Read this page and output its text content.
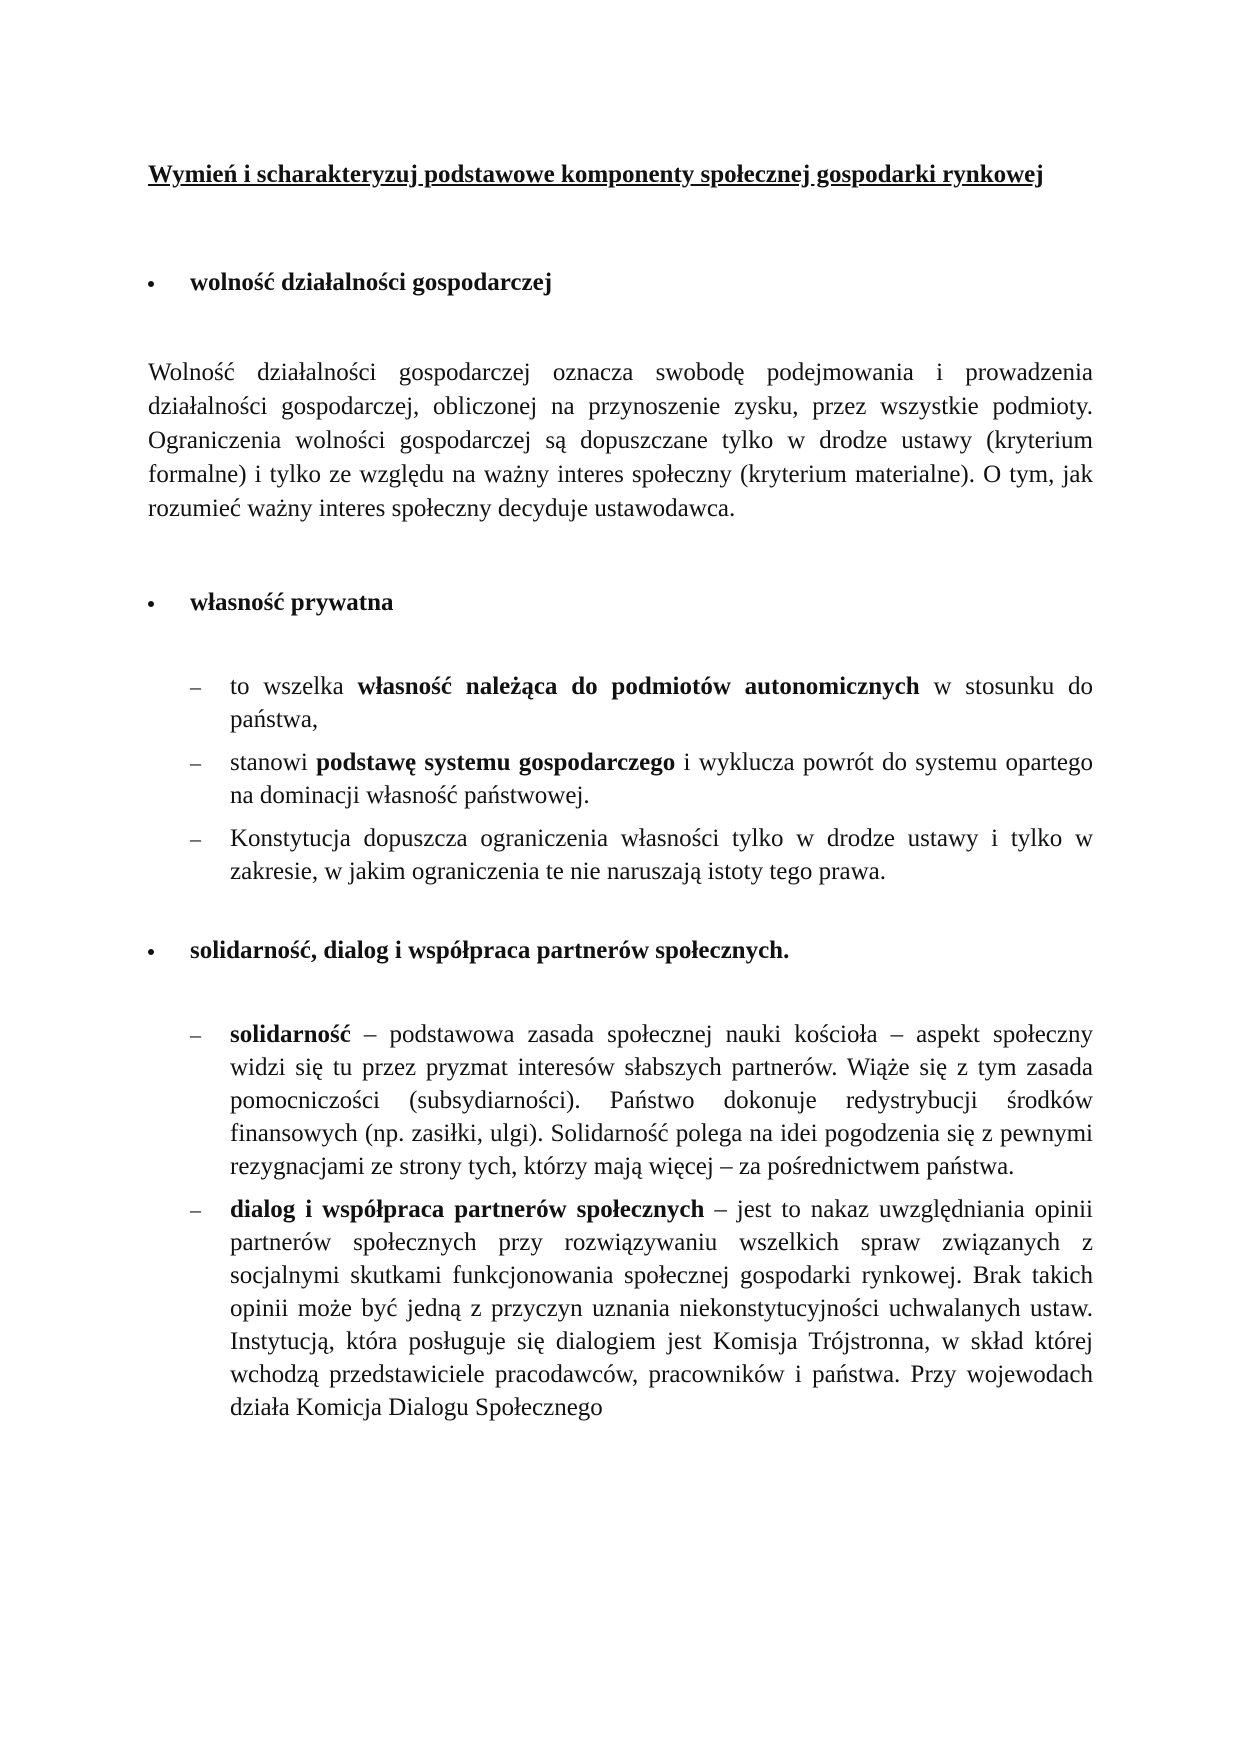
Wymień i scharakteryzuj podstawowe komponenty społecznej gospodarki rynkowej

wolność działalności gospodarczej

Wolność działalności gospodarczej oznacza swobodę podejmowania i prowadzenia działalności gospodarczej, obliczonej na przynoszenie zysku, przez wszystkie podmioty. Ograniczenia wolności gospodarczej są dopuszczane tylko w drodze ustawy (kryterium formalne) i tylko ze względu na ważny interes społeczny (kryterium materialne). O tym, jak rozumieć ważny interes społeczny decyduje ustawodawca.

własność prywatna

– to wszelka własność należąca do podmiotów autonomicznych w stosunku do państwa,
– stanowi podstawę systemu gospodarczego i wyklucza powrót do systemu opartego na dominacji własność państwowej.
– Konstytucja dopuszcza ograniczenia własności tylko w drodze ustawy i tylko w zakresie, w jakim ograniczenia te nie naruszają istoty tego prawa.

solidarność, dialog i współpraca partnerów społecznych.

– solidarność – podstawowa zasada społecznej nauki kościoła – aspekt społeczny widzi się tu przez pryzmat interesów słabszych partnerów. Wiąże się z tym zasada pomocniczości (subsydiarności). Państwo dokonuje redystrybucji środków finansowych (np. zasiłki, ulgi). Solidarność polega na idei pogodzenia się z pewnymi rezygnacjami ze strony tych, którzy mają więcej – za pośrednictwem państwa.
– dialog i współpraca partnerów społecznych – jest to nakaz uwzględniania opinii partnerów społecznych przy rozwiązywaniu wszelkich spraw związanych z socjalnymi skutkami funkcjonowania społecznej gospodarki rynkowej. Brak takich opinii może być jedną z przyczyn uznania niekonstytucyjności uchwalanych ustaw. Instytucją, która posługuje się dialogiem jest Komisja Trójstronna, w skład której wchodzą przedstawiciele pracodawców, pracowników i państwa. Przy wojewodach działa Komicja Dialogu Społecznego
